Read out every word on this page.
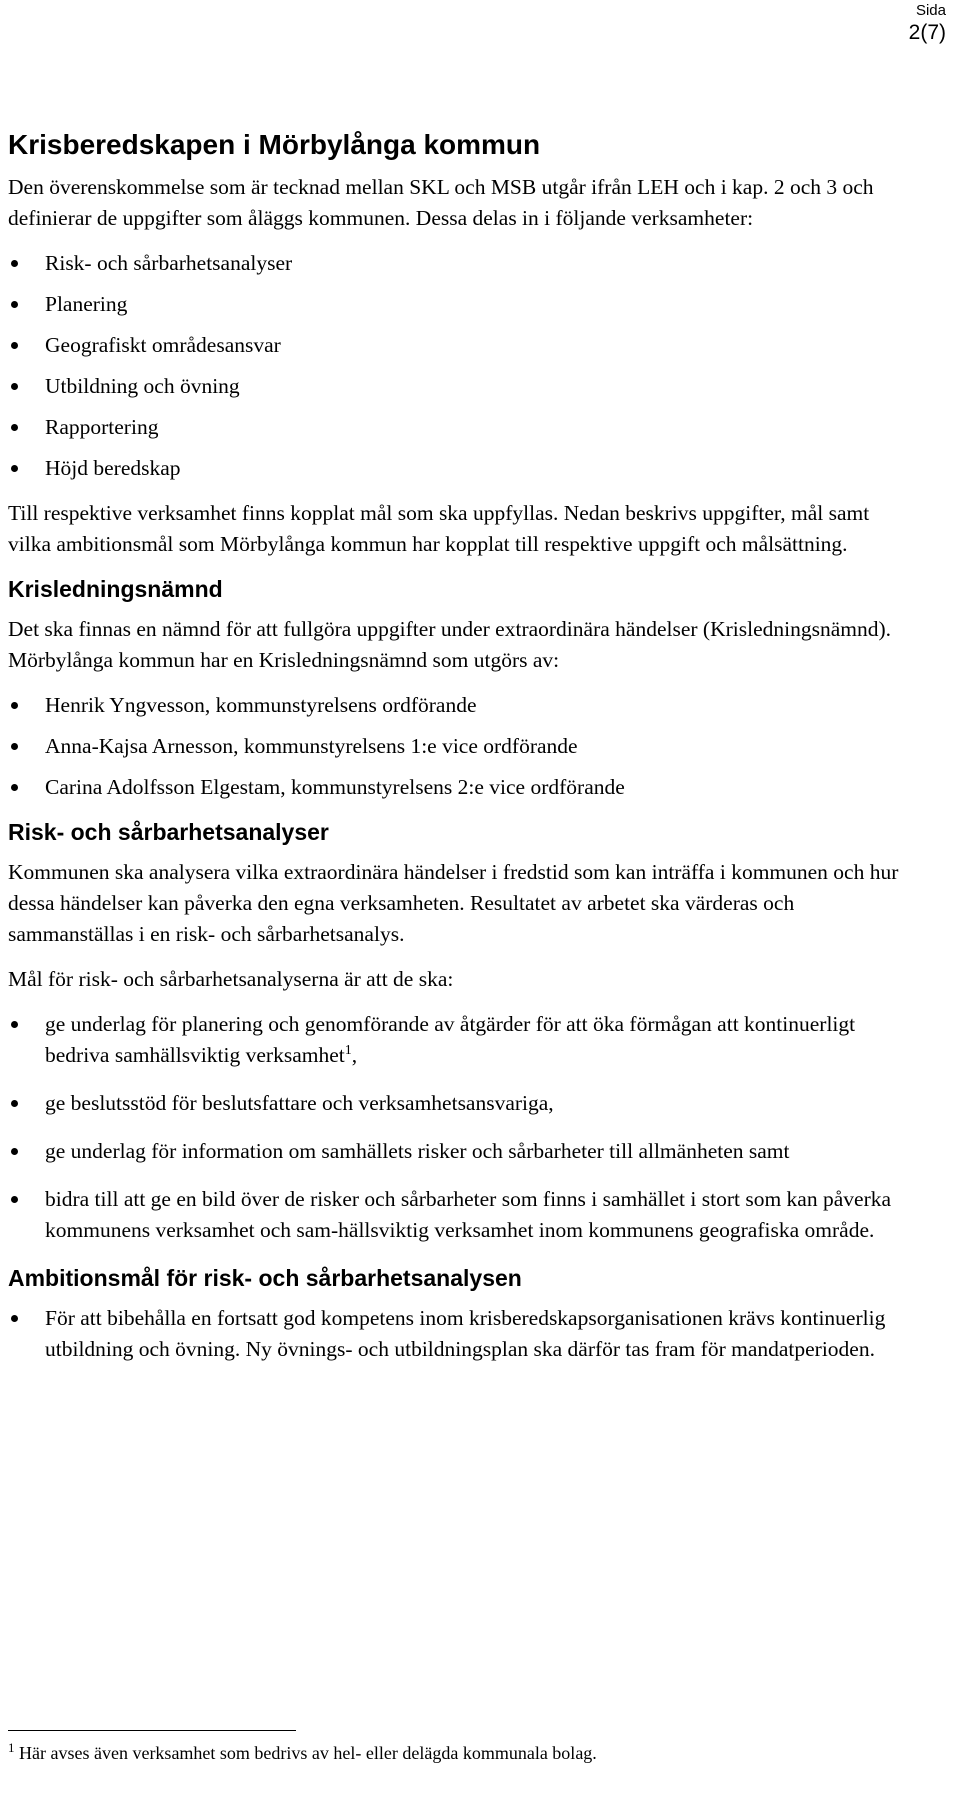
Sida
2(7)
Krisberedskapen i Mörbylånga kommun

Den överenskommelse som är tecknad mellan SKL och MSB utgår ifrån LEH och i kap. 2 och 3 och definierar de uppgifter som åläggs kommunen. Dessa delas in i följande verksamheter:

Risk- och sårbarhetsanalyser
Planering
Geografiskt områdesansvar
Utbildning och övning
Rapportering
Höjd beredskap

Till respektive verksamhet finns kopplat mål som ska uppfyllas. Nedan beskrivs uppgifter, mål samt vilka ambitionsmål som Mörbylånga kommun har kopplat till respektive uppgift och målsättning.

Krisledningsnämnd

Det ska finnas en nämnd för att fullgöra uppgifter under extraordinära händelser (Krisledningsnämnd). Mörbylånga kommun har en Krisledningsnämnd som utgörs av:

Henrik Yngvesson, kommunstyrelsens ordförande
Anna-Kajsa Arnesson, kommunstyrelsens 1:e vice ordförande
Carina Adolfsson Elgestam, kommunstyrelsens 2:e vice ordförande
Risk- och sårbarhetsanalyser

Kommunen ska analysera vilka extraordinära händelser i fredstid som kan inträffa i kommunen och hur dessa händelser kan påverka den egna verksamheten. Resultatet av arbetet ska värderas och sammanställas i en risk- och sårbarhetsanalys.

Mål för risk- och sårbarhetsanalyserna är att de ska:

ge underlag för planering och genomförande av åtgärder för att öka förmågan att kontinuerligt bedriva samhällsviktig verksamhet$^1$,
ge beslutsstöd för beslutsfattare och verksamhetsansvariga,
ge underlag för information om samhällets risker och sårbarheter till allmänheten samt
bidra till att ge en bild över de risker och sårbarheter som finns i samhället i stort som kan påverka kommunens verksamhet och sam-hällsviktig verksamhet inom kommunens geografiska område.
Ambitionsmål för risk- och sårbarhetsanalysen
För att bibehålla en fortsatt god kompetens inom krisberedskapsorganisationen krävs kontinuerlig utbildning och övning. Ny övnings- och utbildningsplan ska därför tas fram för mandatperioden.
$^1$ Här avses även verksamhet som bedrivs av hel- eller delägda kommunala bolag.
